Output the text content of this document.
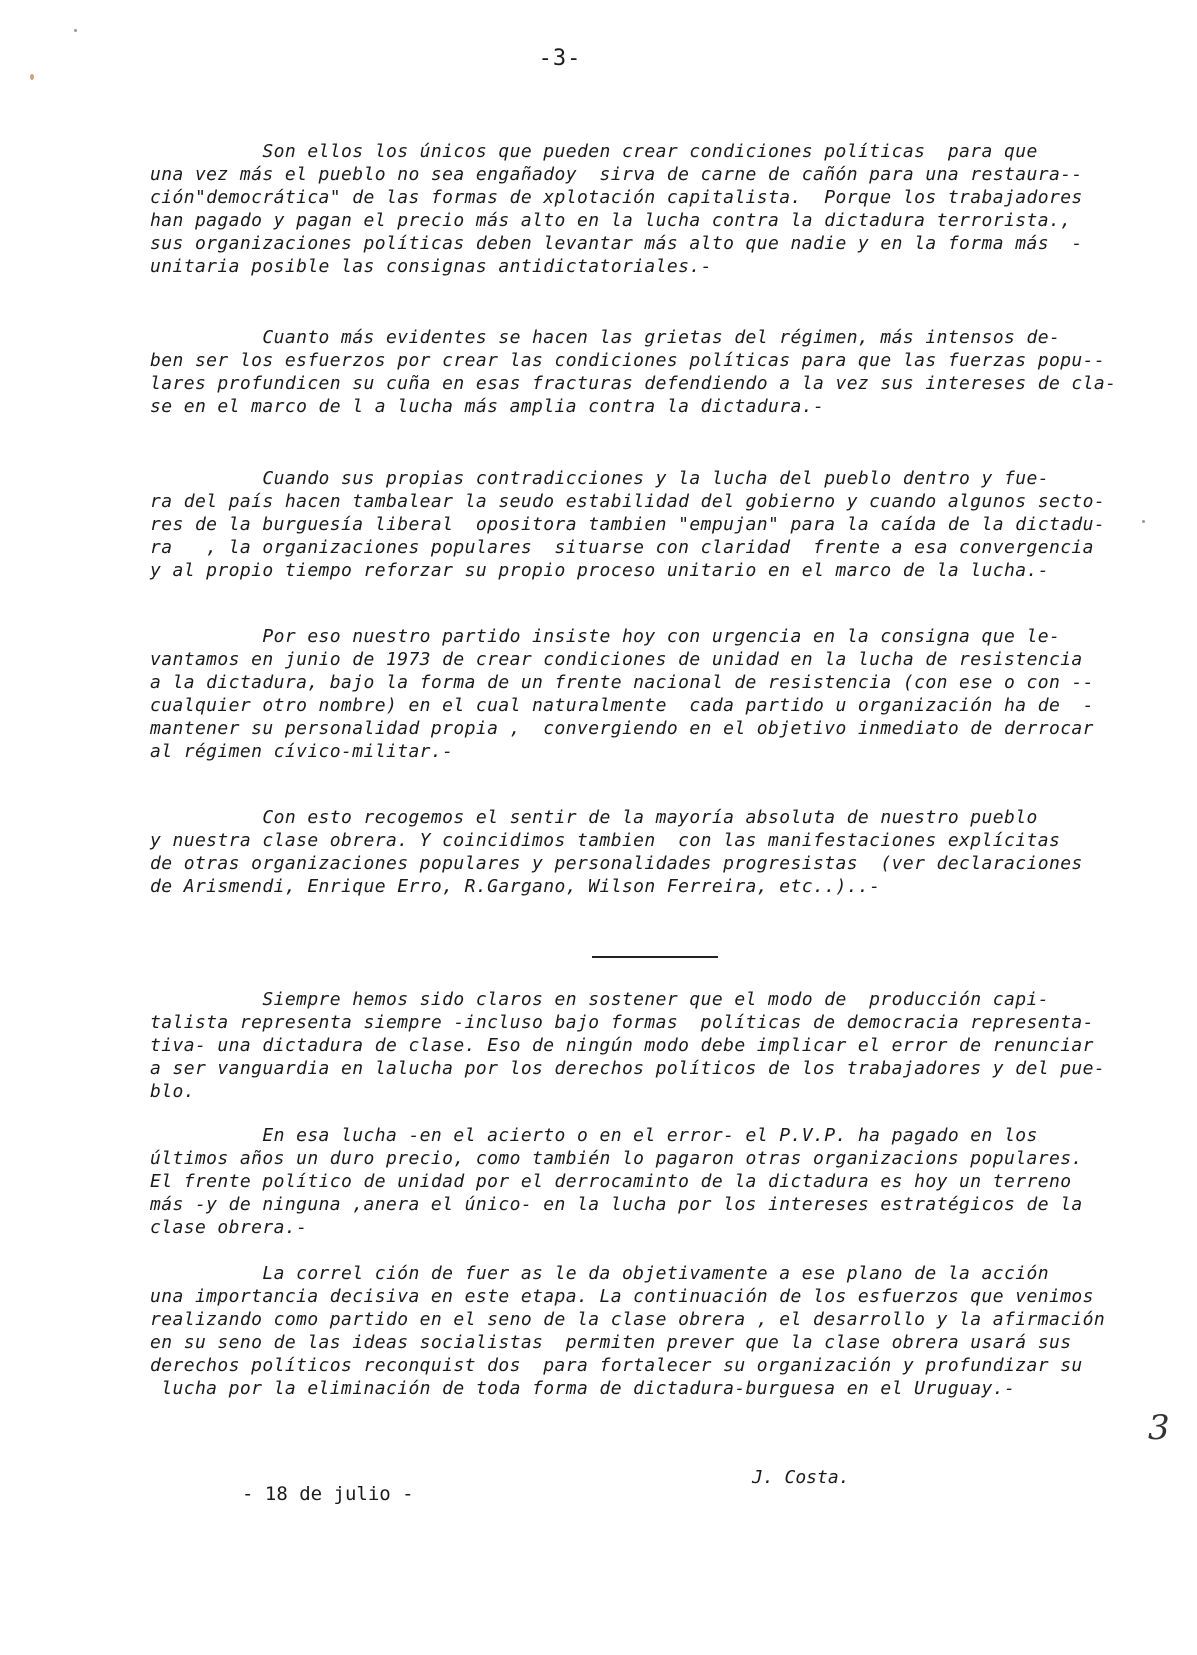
-3-
Son ellos los únicos que pueden crear condiciones políticas  para que
una vez más el pueblo no sea engañadoy  sirva de carne de cañón para una restaura--
ción"democrática" de las formas de xplotación capitalista.  Porque los trabajadores
han pagado y pagan el precio más alto en la lucha contra la dictadura terrorista.,
sus organizaciones políticas deben levantar más alto que nadie y en la forma más  -
unitaria posible las consignas antidictatoriales.-
Cuanto más evidentes se hacen las grietas del régimen, más intensos de-
ben ser los esfuerzos por crear las condiciones políticas para que las fuerzas popu--
lares profundicen su cuña en esas fracturas defendiendo a la vez sus intereses de cla-
se en el marco de l a lucha más amplia contra la dictadura.-
Cuando sus propias contradicciones y la lucha del pueblo dentro y fue-
ra del país hacen tambalear la seudo estabilidad del gobierno y cuando algunos secto-
res de la burguesía liberal  opositora tambien "empujan" para la caída de la dictadu-
ra   , la organizaciones populares  situarse con claridad  frente a esa convergencia
y al propio tiempo reforzar su propio proceso unitario en el marco de la lucha.-
Por eso nuestro partido insiste hoy con urgencia en la consigna que le-
vantamos en junio de 1973 de crear condiciones de unidad en la lucha de resistencia
a la dictadura, bajo la forma de un frente nacional de resistencia (con ese o con --
cualquier otro nombre) en el cual naturalmente  cada partido u organización ha de  -
mantener su personalidad propia ,  convergiendo en el objetivo inmediato de derrocar
al régimen cívico-militar.-
Con esto recogemos el sentir de la mayoría absoluta de nuestro pueblo
y nuestra clase obrera. Y coincidimos tambien  con las manifestaciones explícitas
de otras organizaciones populares y personalidades progresistas  (ver declaraciones
de Arismendi, Enrique Erro, R.Gargano, Wilson Ferreira, etc..)..-
Siempre hemos sido claros en sostener que el modo de  producción capi-
talista representa siempre -incluso bajo formas  políticas de democracia representa-
tiva- una dictadura de clase. Eso de ningún modo debe implicar el error de renunciar
a ser vanguardia en lalucha por los derechos políticos de los trabajadores y del pue-
blo.
En esa lucha -en el acierto o en el error- el P.V.P. ha pagado en los
últimos años un duro precio, como también lo pagaron otras organizacions populares.
El frente político de unidad por el derrocaminto de la dictadura es hoy un terreno
más -y de ninguna ,anera el único- en la lucha por los intereses estratégicos de la
clase obrera.-
La correl ción de fuer as le da objetivamente a ese plano de la acción
una importancia decisiva en este etapa. La continuación de los esfuerzos que venimos
realizando como partido en el seno de la clase obrera , el desarrollo y la afirmación
en su seno de las ideas socialistas  permiten prever que la clase obrera usará sus
derechos políticos reconquist dos  para fortalecer su organización y profundizar su
lucha por la eliminación de toda forma de dictadura-burguesa en el Uruguay.-
J. Costa.
- 18 de julio -
3
